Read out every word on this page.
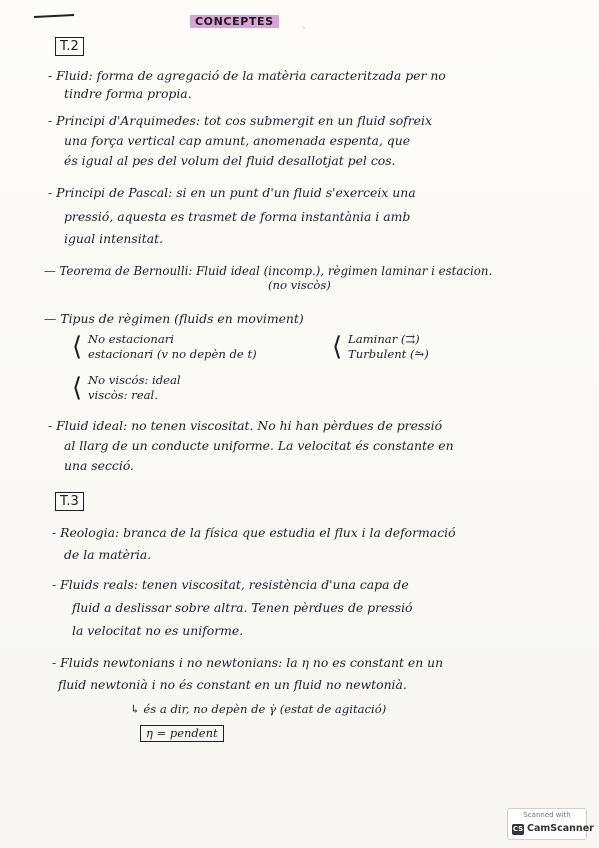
CONCEPTES
˜
T.2
- Fluid: forma de agregació de la matèria caracteritzada per no
tindre forma propia.
- Principi d'Arquimedes: tot cos submergit en un fluid sofreix
una força vertical cap amunt, anomenada espenta, que
és igual al pes del volum del fluid desallotjat pel cos.
- Principi de Pascal: si en un punt d'un fluid s'exerceix una
pressió, aquesta es trasmet de forma instantània i amb
igual intensitat.
— Teorema de Bernoulli: Fluid ideal (incomp.), règimen laminar i estacion.
(no viscòs)
— Tipus de règimen (fluids en moviment)
⟨ No estacionari
estacionari (v no depèn de t)	⟨ Laminar (⇉)
Turbulent (⥲)
⟨ No viscós: ideal
viscòs: real.
- Fluid ideal: no tenen viscositat. No hi han pèrdues de pressió
al llarg de un conducte uniforme. La velocitat és constante en
una secció.
T.3
- Reologia: branca de la física que estudia el flux i la deformació
de la matèria.
- Fluids reals: tenen viscositat, resistència d'una capa de
fluid a deslissar sobre altra. Tenen pèrdues de pressió
la velocitat no es uniforme.
- Fluids newtonians i no newtonians: la η no es constant en un
fluid newtonià i no és constant en un fluid no newtonià.
↳ és a dir, no depèn de γ̇ (estat de agitació)
η = pendent
Scanned with
CS CamScanner
